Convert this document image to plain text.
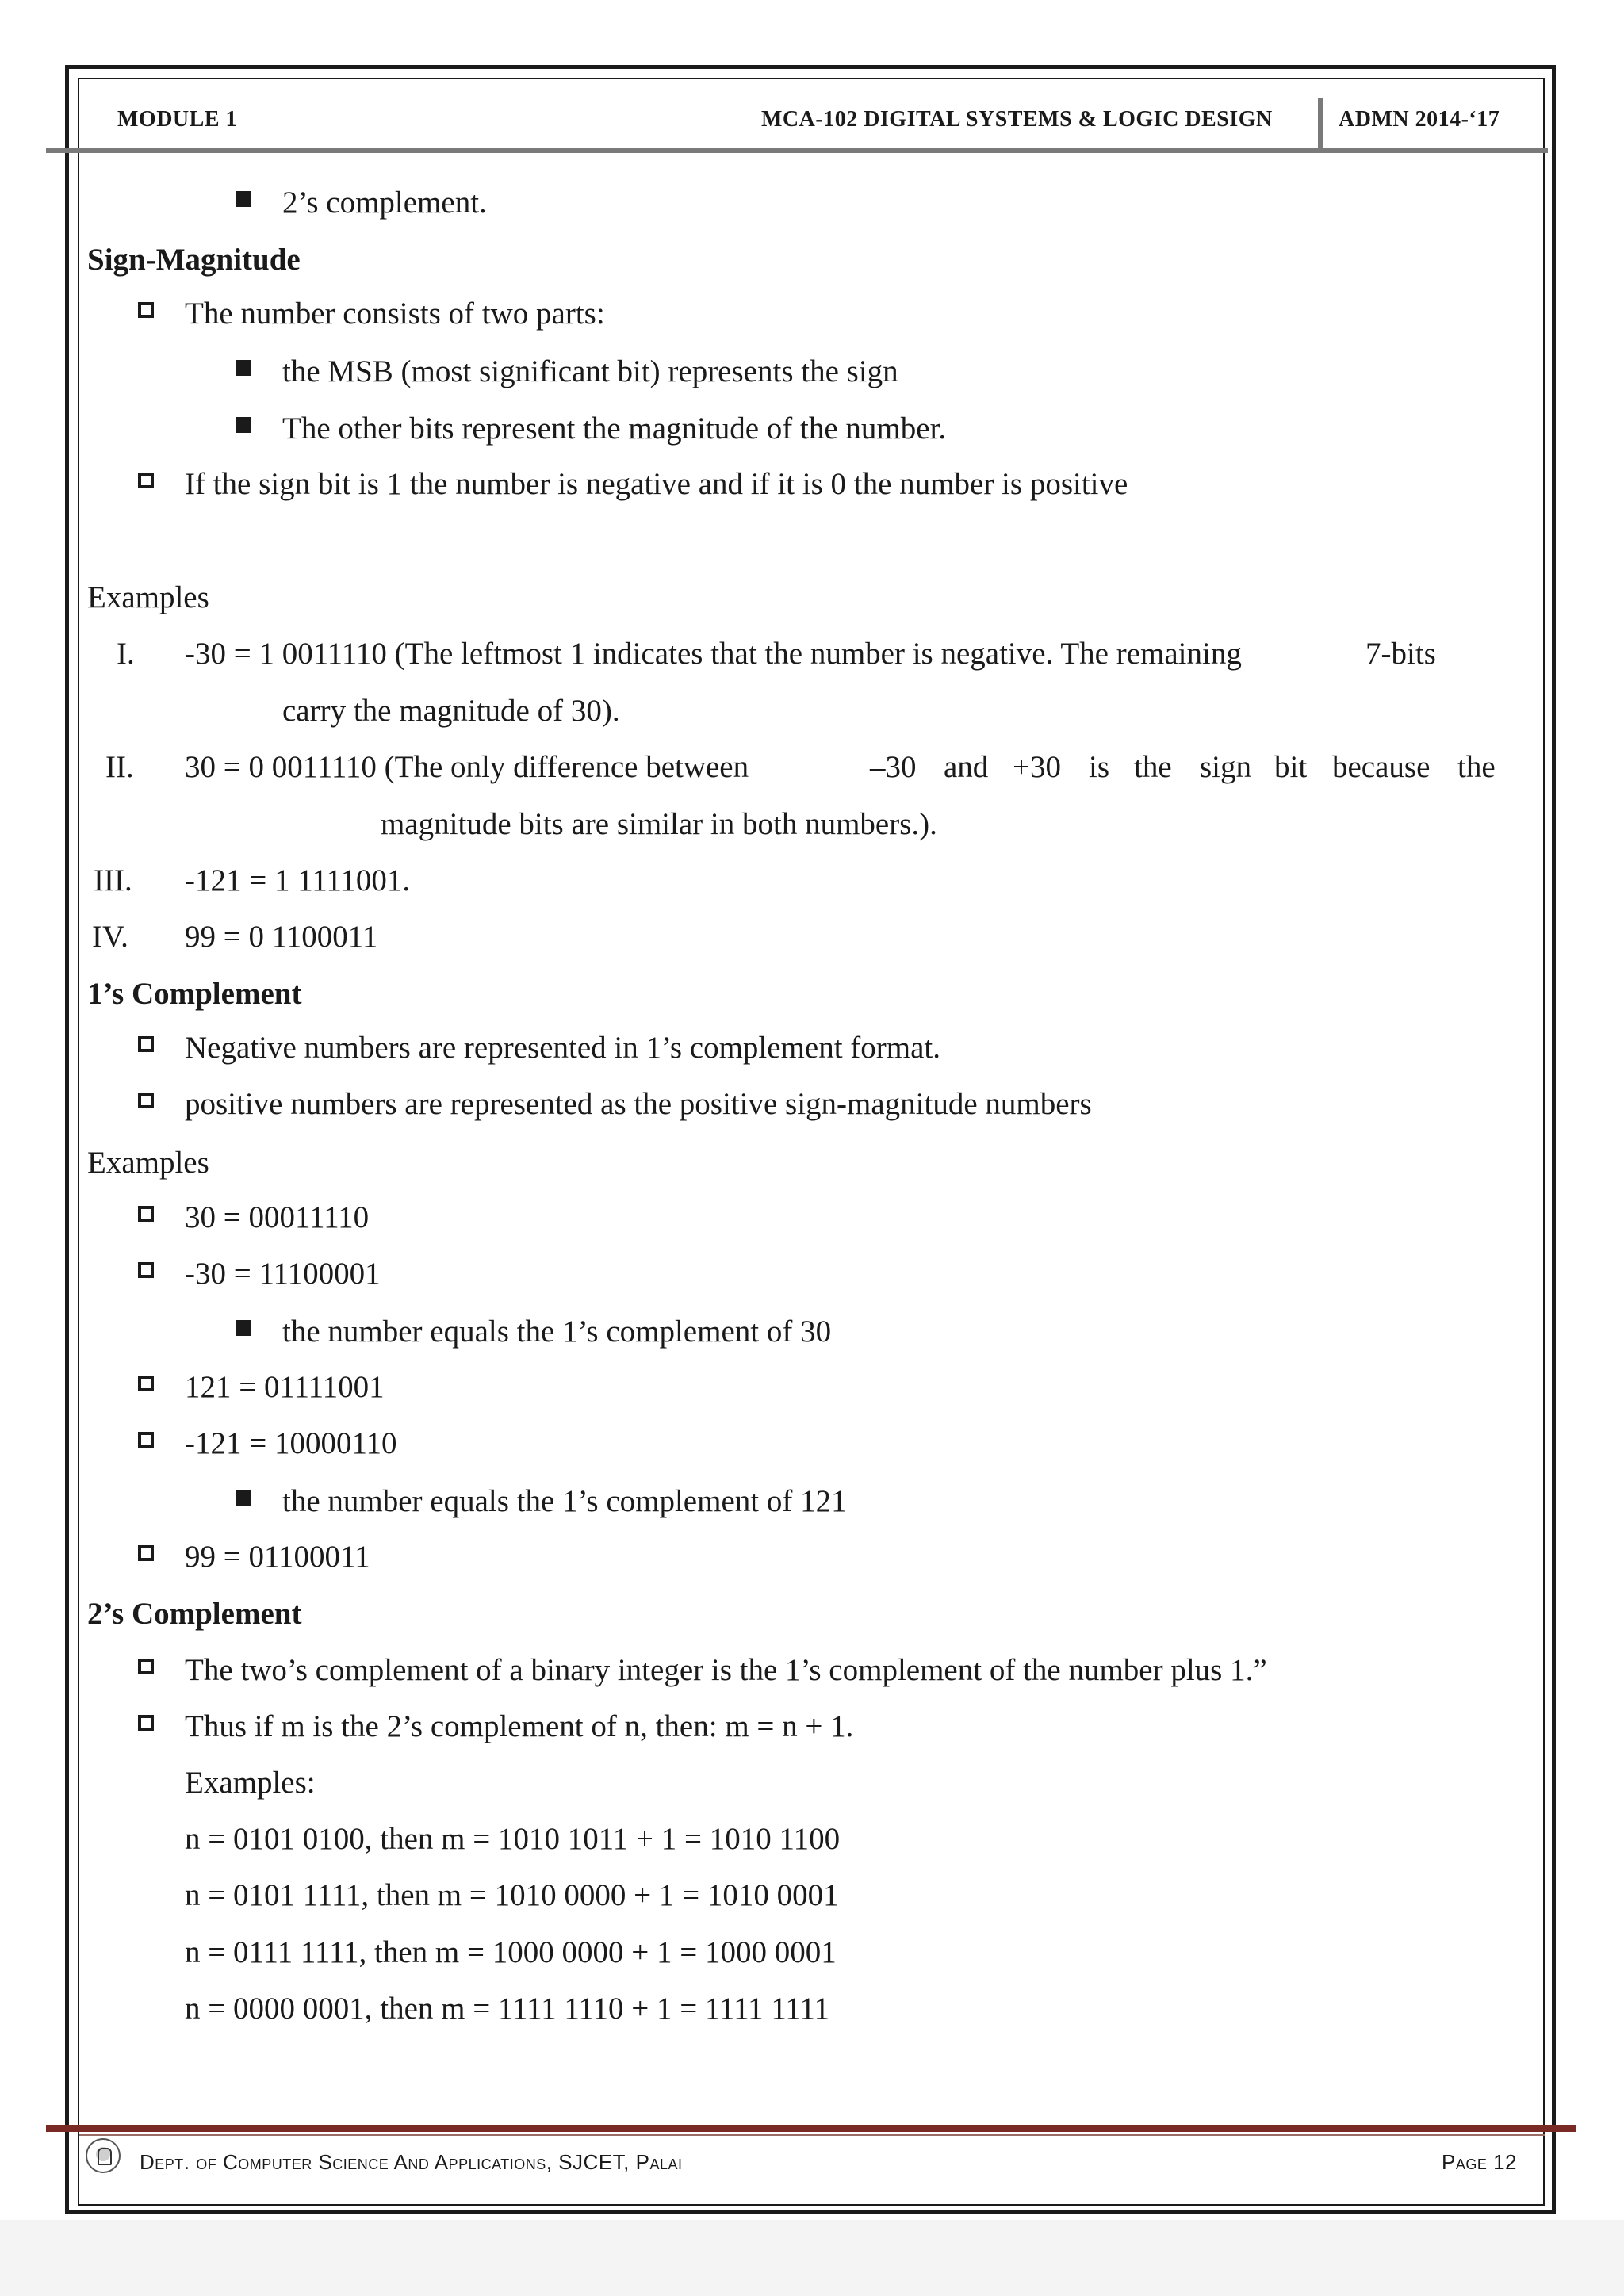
MODULE 1	MCA-102 DIGITAL SYSTEMS & LOGIC DESIGN	ADMN 2014-‘17
2’s complement.
Sign-Magnitude
The number consists of two parts:
the MSB (most significant bit) represents the sign
The other bits represent the magnitude of the number.
If the sign bit is 1 the number is negative and if it is 0 the number is positive
Examples
I. -30 = 1 0011110 (The leftmost 1 indicates that the number is negative. The remaining	7-bits
carry the magnitude of 30).
II. 30 = 0 0011110 (The only difference between	–30 and +30 is the sign bit because the
magnitude bits are similar in both numbers.).
III. -121 = 1 1111001.
IV. 99 = 0 1100011
1’s Complement
Negative numbers are represented in 1’s complement format.
positive numbers are represented as the positive sign-magnitude numbers
Examples
30 = 00011110
-30 = 11100001
the number equals the 1’s complement of 30
121 = 01111001
-121 = 10000110
the number equals the 1’s complement of 121
99 = 01100011
2’s Complement
The two’s complement of a binary integer is the 1’s complement of the number plus 1.”
Thus if m is the 2’s complement of n, then: m = n + 1.
Examples:
n = 0101 0100, then m = 1010 1011 + 1 = 1010 1100
n = 0101 1111, then m = 1010 0000 + 1 = 1010 0001
n = 0111 1111, then m = 1000 0000 + 1 = 1000 0001
n = 0000 0001, then m = 1111 1110 + 1 = 1111 1111
Dept. of Computer Science And Applications, SJCET, Palai	Page 12
